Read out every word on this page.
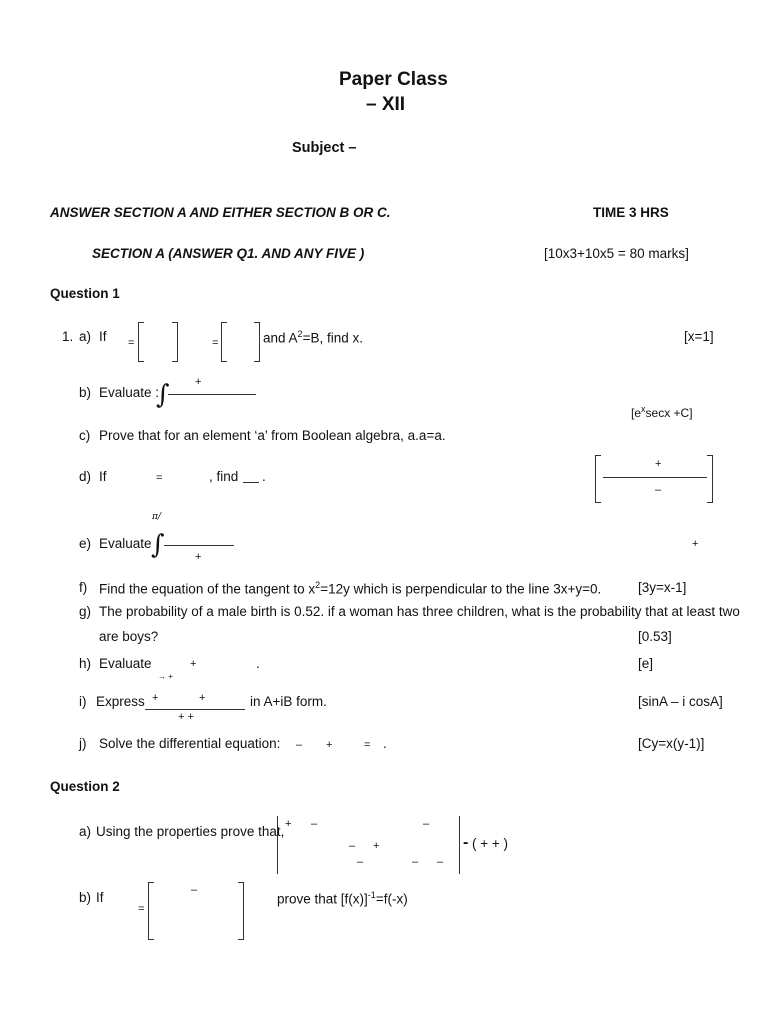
Paper Class
– XII
Subject –
ANSWER SECTION A AND EITHER SECTION B OR C.	TIME 3 HRS
SECTION A (ANSWER Q1. AND ANY FIVE )	[10x3+10x5 = 80 marks]
Question 1
1. a) If =	=	and $A^2=B$, find x.	[x=1]
b) Evaluate :
∫ +
$[e^x\sec x +C]$
c) Prove that for an element ‘a’ from Boolean algebra, a.a=a.
d) If	=	, find .
+
–
π/
e) Evaluate ∫	+
+
f) Find the equation of the tangent to $x^2=12y$ which is perpendicular to the line 3x+y=0.	[3y=x-1]
g) The probability of a male birth is 0.52. if a woman has three children, what is the probability that at least two
are boys?	[0.53]
h) Evaluate
→ +
+	.	[e]
i) Express +	+
+ +
in A+iB form.	[sinA – i cosA]
j) Solve the differential equation: – +	= .	[Cy=x(y-1)]
Question 2
a) Using the properties prove that, + –	–
– +
–	– –
- ( + + )
b) If
=
–
prove that $[f(x)]^{-1}=f(-x)$
